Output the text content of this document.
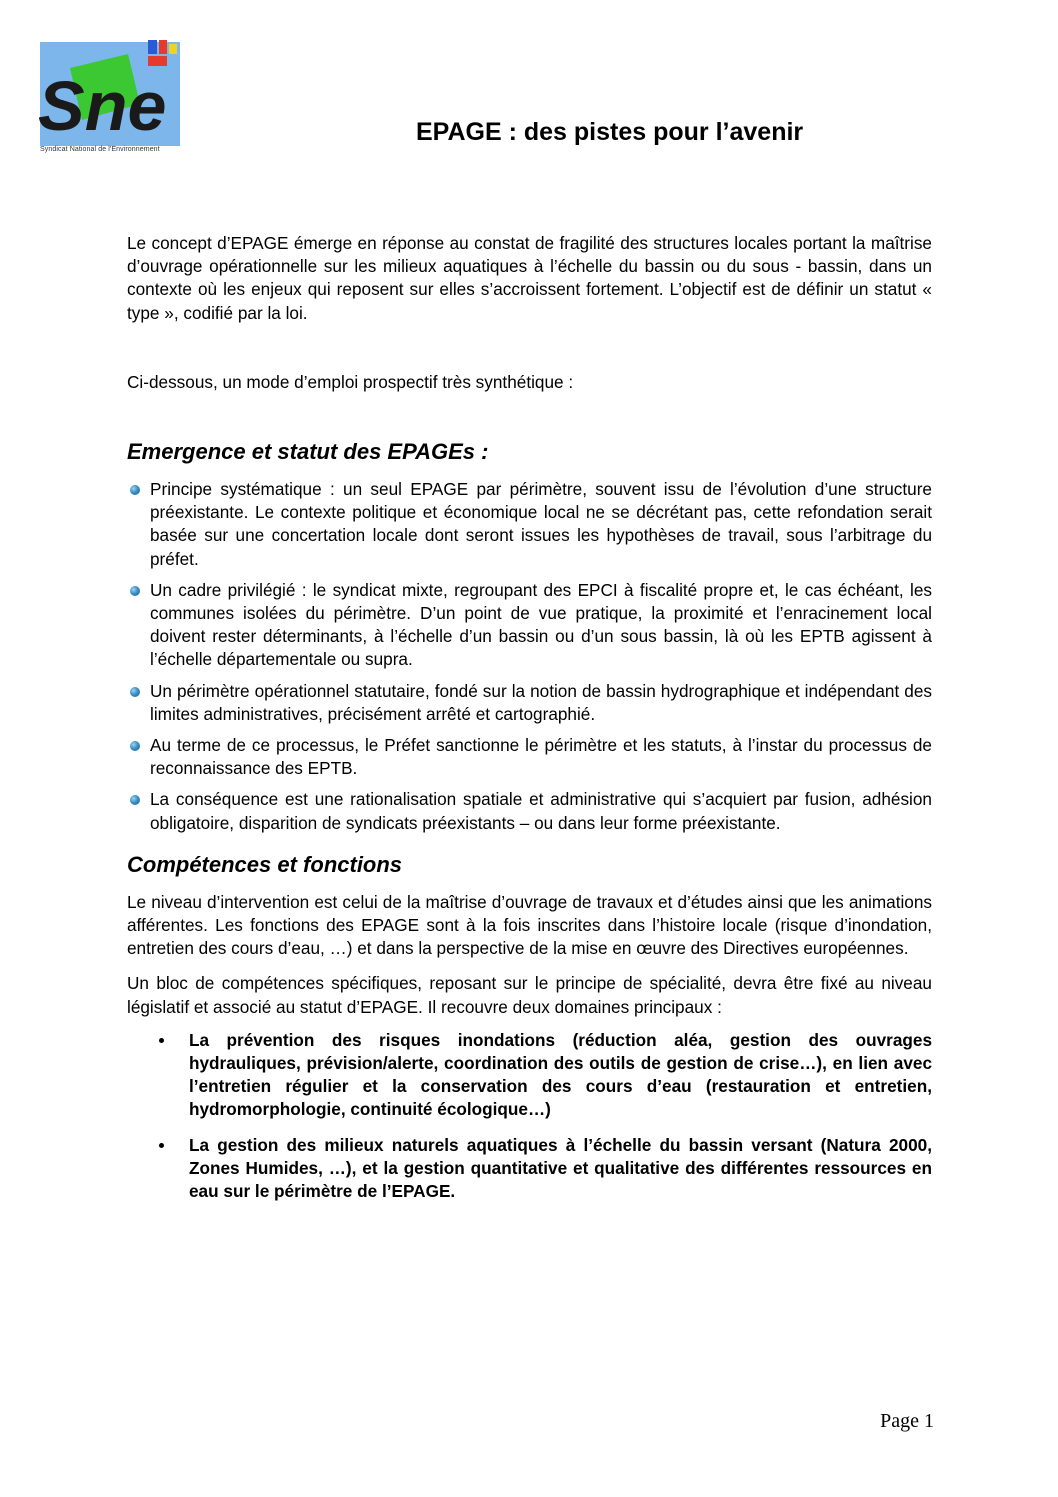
Sne
Syndicat National de l'Environnement
EPAGE : des pistes pour l’avenir

Le concept d’EPAGE émerge en réponse au constat de fragilité des structures locales portant la maîtrise d’ouvrage opérationnelle sur les milieux aquatiques à l’échelle du bassin ou du sous - bassin, dans un contexte où les enjeux qui reposent sur elles s’accroissent fortement. L’objectif est de définir un statut « type », codifié par la loi.

Ci-dessous, un mode d’emploi prospectif très synthétique :

Emergence et statut des EPAGEs :
Principe systématique : un seul EPAGE par périmètre, souvent issu de l’évolution d’une structure préexistante. Le contexte politique et économique local ne se décrétant pas, cette refondation serait basée sur une concertation locale dont seront issues les hypothèses de travail, sous l’arbitrage du préfet.
Un cadre privilégié : le syndicat mixte, regroupant des EPCI à fiscalité propre et, le cas échéant, les communes isolées du périmètre. D’un point de vue pratique, la proximité et l’enracinement local doivent rester déterminants, à l’échelle d’un bassin ou d’un sous bassin, là où les EPTB agissent à l’échelle départementale ou supra.
Un périmètre opérationnel statutaire, fondé sur la notion de bassin hydrographique et indépendant des limites administratives, précisément arrêté et cartographié.
Au terme de ce processus, le Préfet sanctionne le périmètre et les statuts, à l’instar du processus de reconnaissance des EPTB.
La conséquence est une rationalisation spatiale et administrative qui s’acquiert par fusion, adhésion obligatoire, disparition de syndicats préexistants – ou dans leur forme préexistante.
Compétences et fonctions

Le niveau d’intervention est celui de la maîtrise d’ouvrage de travaux et d’études ainsi que les animations afférentes. Les fonctions des EPAGE sont à la fois inscrites dans l’histoire locale (risque d’inondation, entretien des cours d’eau, …) et dans la perspective de la mise en œuvre des Directives européennes.

Un bloc de compétences spécifiques, reposant sur le principe de spécialité, devra être fixé au niveau législatif et associé au statut d’EPAGE. Il recouvre deux domaines principaux :

La prévention des risques inondations (réduction aléa, gestion des ouvrages hydrauliques, prévision/alerte, coordination des outils de gestion de crise…), en lien avec l’entretien régulier et la conservation des cours d’eau (restauration et entretien, hydromorphologie, continuité écologique…)
La gestion des milieux naturels aquatiques à l’échelle du bassin versant (Natura 2000, Zones Humides, …), et la gestion quantitative et qualitative des différentes ressources en eau sur le périmètre de l’EPAGE.
Page 1
